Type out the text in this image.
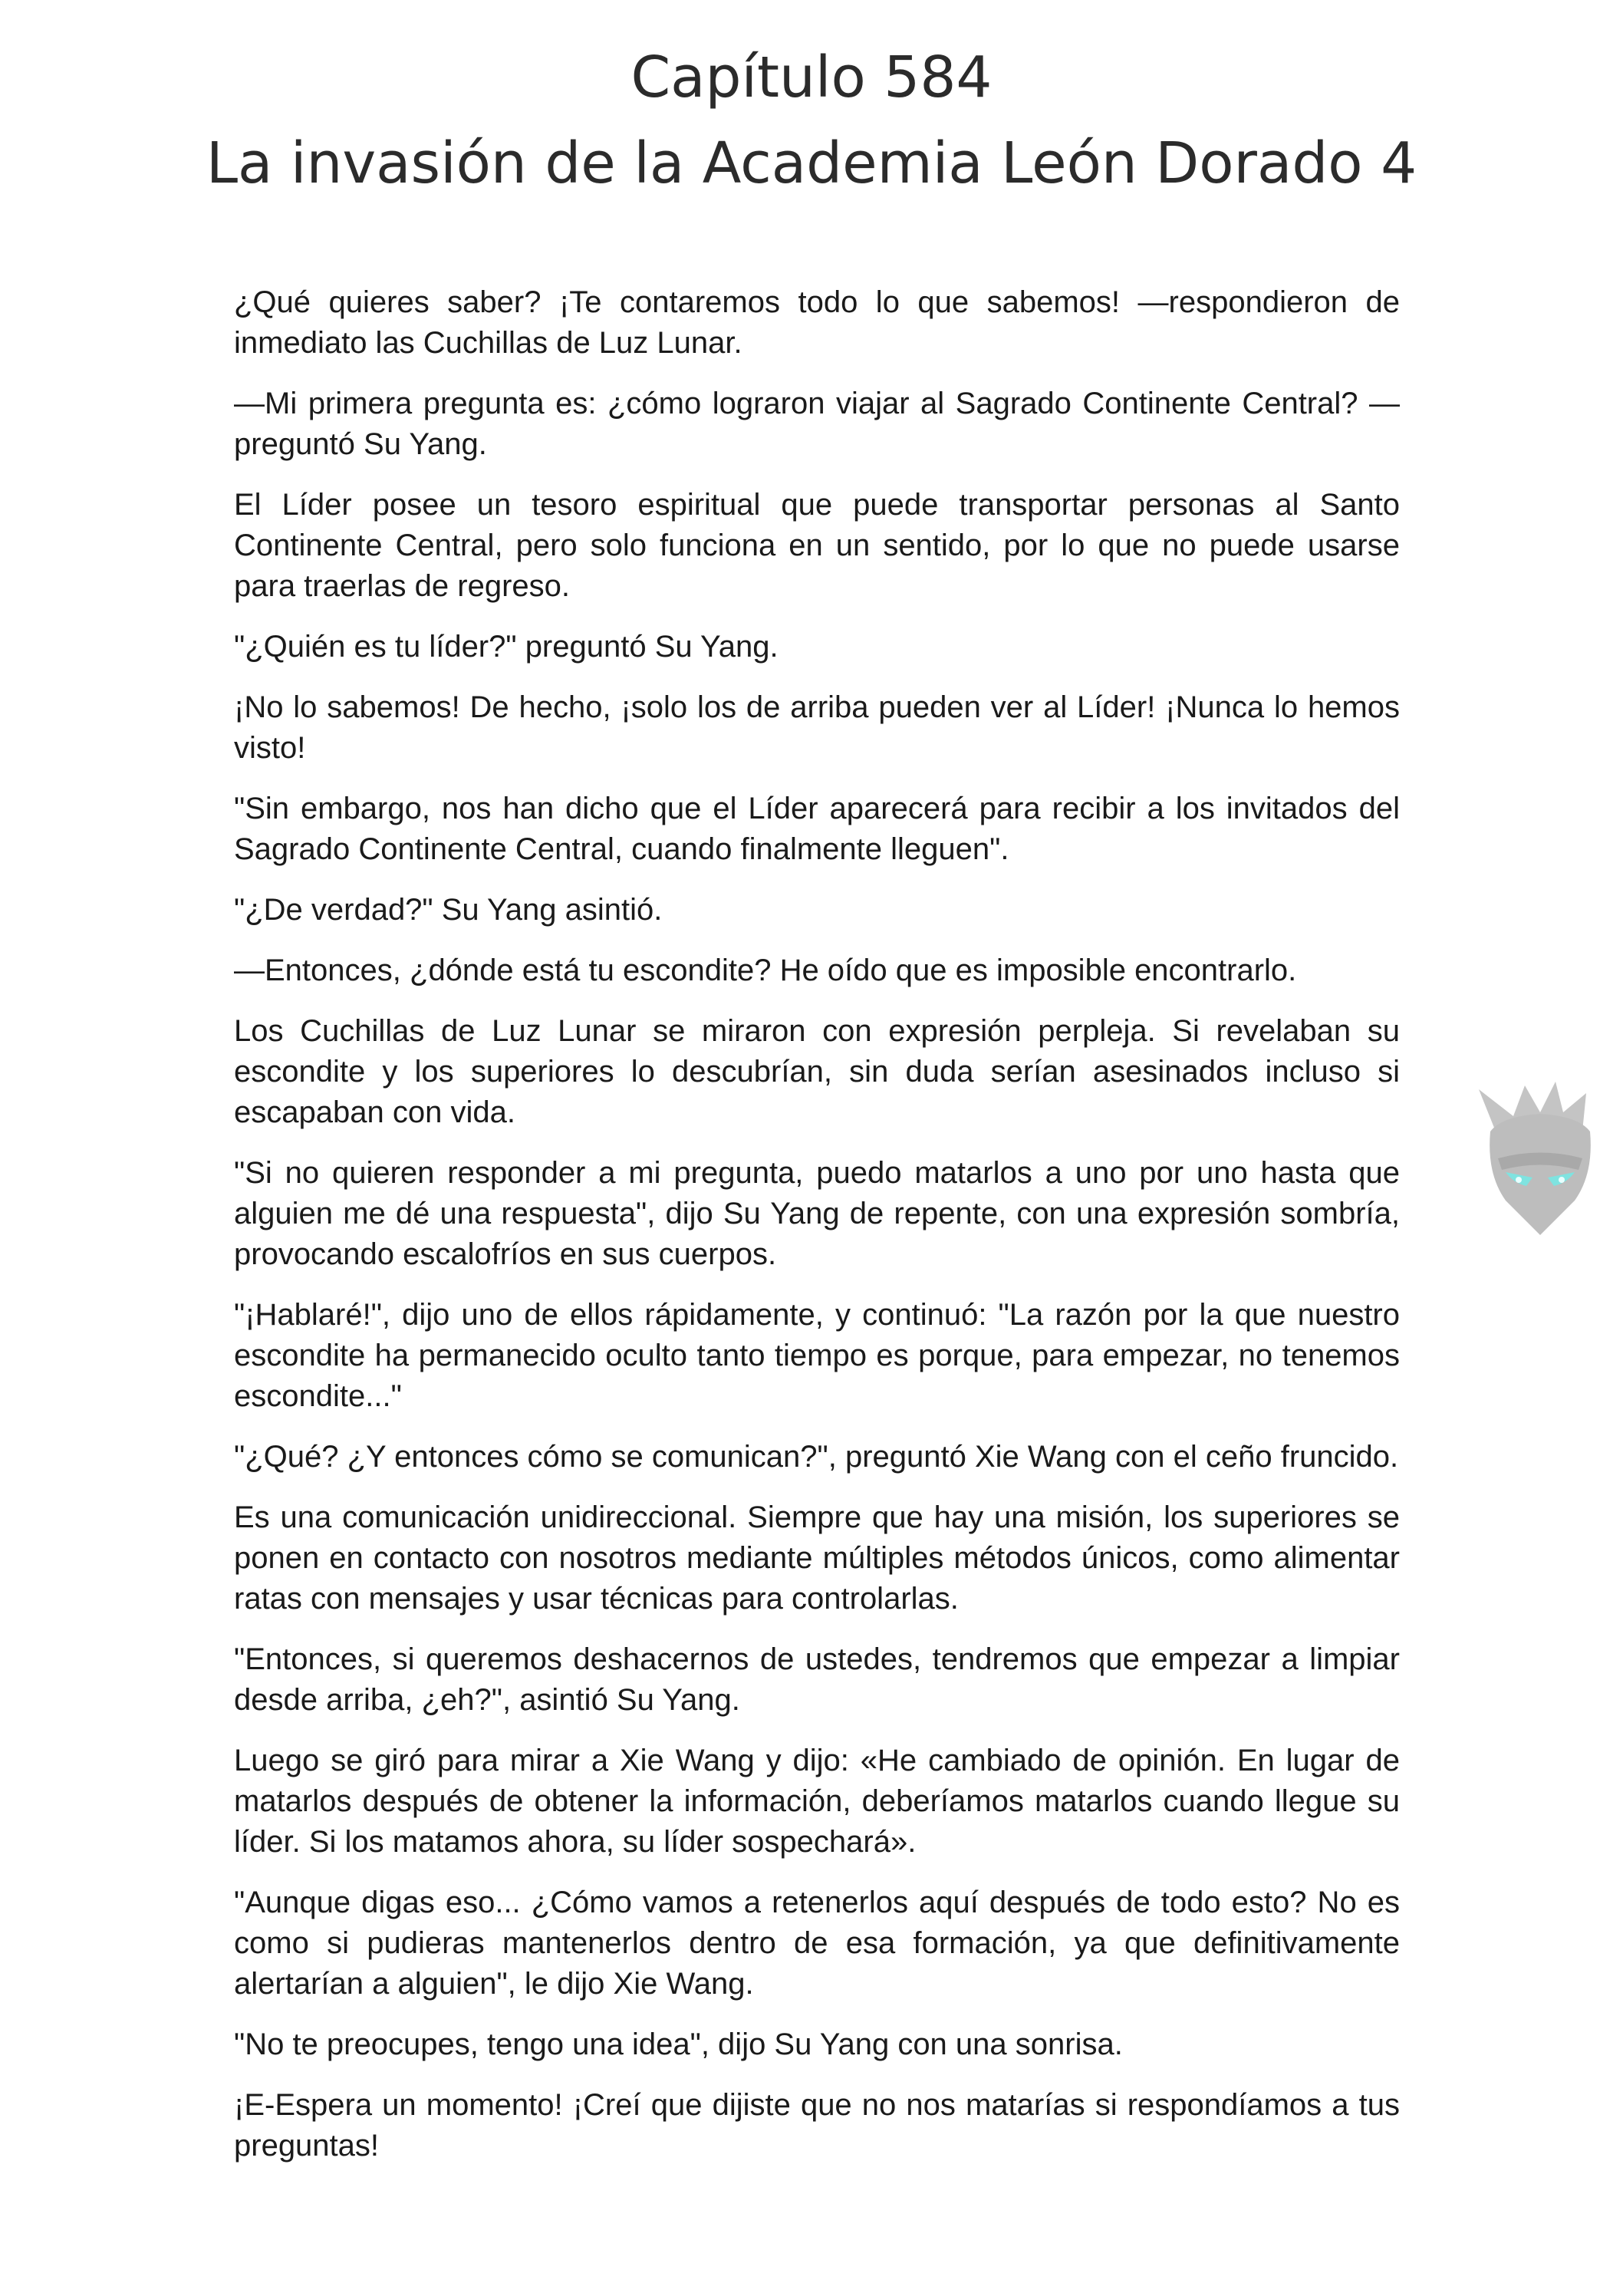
Capítulo 584
La invasión de la Academia León Dorado 4

¿Qué quieres saber? ¡Te contaremos todo lo que sabemos! —respondieron de inmediato las Cuchillas de Luz Lunar.

—Mi primera pregunta es: ¿cómo lograron viajar al Sagrado Continente Central? —preguntó Su Yang.

El Líder posee un tesoro espiritual que puede transportar personas al Santo Continente Central, pero solo funciona en un sentido, por lo que no puede usarse para traerlas de regreso.

"¿Quién es tu líder?" preguntó Su Yang.

¡No lo sabemos! De hecho, ¡solo los de arriba pueden ver al Líder! ¡Nunca lo hemos visto!

"Sin embargo, nos han dicho que el Líder aparecerá para recibir a los invitados del Sagrado Continente Central, cuando finalmente lleguen".

"¿De verdad?" Su Yang asintió.

—Entonces, ¿dónde está tu escondite? He oído que es imposible encontrarlo.

Los Cuchillas de Luz Lunar se miraron con expresión perpleja. Si revelaban su escondite y los superiores lo descubrían, sin duda serían asesinados incluso si escapaban con vida.

"Si no quieren responder a mi pregunta, puedo matarlos a uno por uno hasta que alguien me dé una respuesta", dijo Su Yang de repente, con una expresión sombría, provocando escalofríos en sus cuerpos.

"¡Hablaré!", dijo uno de ellos rápidamente, y continuó: "La razón por la que nuestro escondite ha permanecido oculto tanto tiempo es porque, para empezar, no tenemos escondite..."

"¿Qué? ¿Y entonces cómo se comunican?", preguntó Xie Wang con el ceño fruncido.

Es una comunicación unidireccional. Siempre que hay una misión, los superiores se ponen en contacto con nosotros mediante múltiples métodos únicos, como alimentar ratas con mensajes y usar técnicas para controlarlas.

"Entonces, si queremos deshacernos de ustedes, tendremos que empezar a limpiar desde arriba, ¿eh?", asintió Su Yang.

Luego se giró para mirar a Xie Wang y dijo: «He cambiado de opinión. En lugar de matarlos después de obtener la información, deberíamos matarlos cuando llegue su líder. Si los matamos ahora, su líder sospechará».

"Aunque digas eso... ¿Cómo vamos a retenerlos aquí después de todo esto? No es como si pudieras mantenerlos dentro de esa formación, ya que definitivamente alertarían a alguien", le dijo Xie Wang.

"No te preocupes, tengo una idea", dijo Su Yang con una sonrisa.

¡E-Espera un momento! ¡Creí que dijiste que no nos matarías si respondíamos a tus preguntas!
